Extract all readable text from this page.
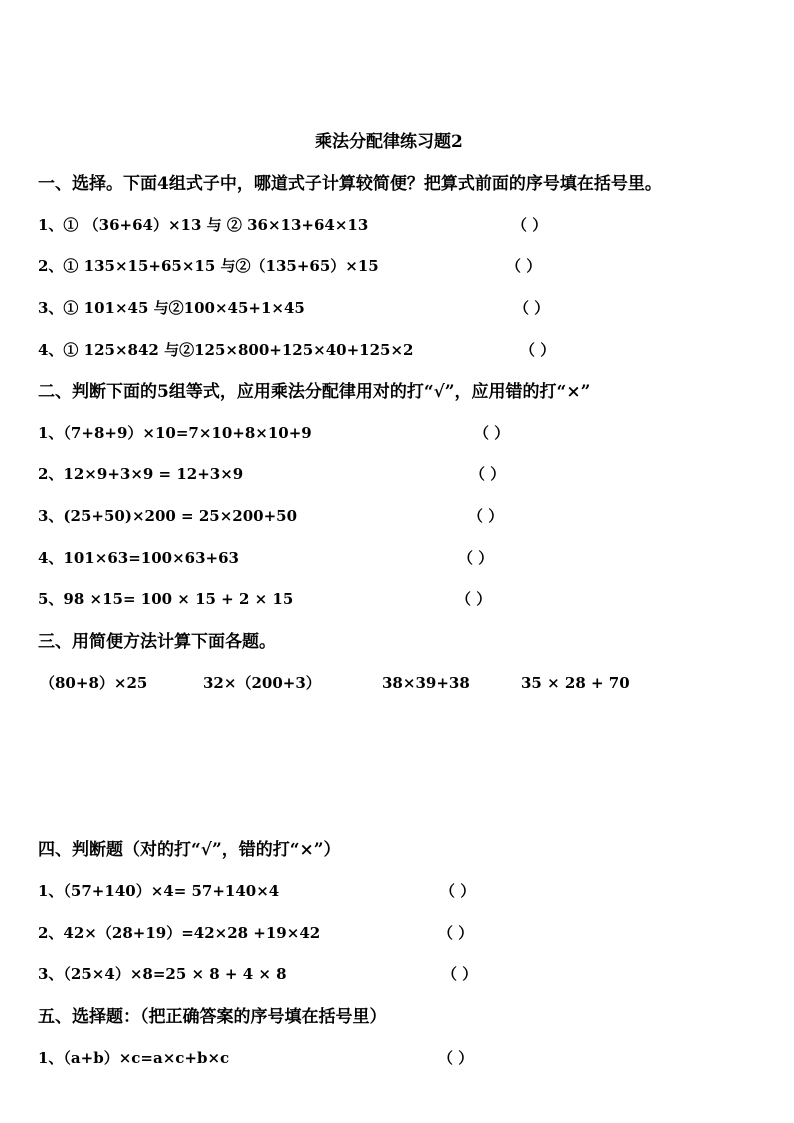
乘法分配律练习题2
一、选择。下面4组式子中，哪道式子计算较简便？把算式前面的序号填在括号里。
1、① （36+64）×13 与 ② 36×13+64×13	（ ）
2、① 135×15+65×15 与②（135+65）×15	（ ）
3、① 101×45 与②100×45+1×45	（ ）
4、① 125×842 与②125×800+125×40+125×2	（ ）
二、判断下面的5组等式，应用乘法分配律用对的打“√”，应用错的打“×”
1、（7+8+9）×10=7×10+8×10+9	（ ）
2、12×9+3×9 = 12+3×9	（ ）
3、(25+50)×200 = 25×200+50	（ ）
4、101×63=100×63+63	（ ）
5、98 ×15= 100 × 15 + 2 × 15	（ ）
三、用简便方法计算下面各题。
（80+8）×25	32×（200+3）	38×39+38	35 × 28 + 70
四、判断题（对的打“√”，错的打“×”）
1、（57+140）×4= 57+140×4	（ ）
2、42×（28+19）=42×28 +19×42	（ ）
3、（25×4）×8=25 × 8 + 4 × 8	（ ）
五、选择题：（把正确答案的序号填在括号里）
1、（a+b）×c=a×c+b×c	（ ）
